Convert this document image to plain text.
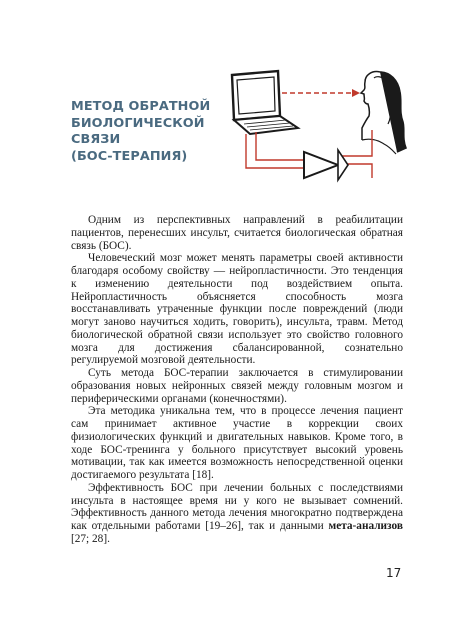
МЕТОД ОБРАТНОЙ
БИОЛОГИЧЕСКОЙ
СВЯЗИ
(БОС-ТЕРАПИЯ)

Одним из перспективных направлений в реабилитации пациентов, перенесших инсульт, считается биологическая обратная связь (БОС).

Человеческий мозг может менять параметры своей активности благодаря особому свойству — нейропластичности. Это тенденция к изменению деятельности под воздействием опыта. Нейропластичность объясняется способность мозга восстанавливать утраченные функции после повреждений (люди могут заново научиться ходить, говорить), инсульта, травм. Метод биологической обратной связи использует это свойство головного мозга для достижения сбалансированной, сознательно регулируемой мозговой деятельности.

Суть метода БОС-терапии заключается в стимулировании образования новых нейронных связей между головным мозгом и периферическими органами (конечностями).

Эта методика уникальна тем, что в процессе лечения пациент сам принимает активное участие в коррекции своих физиологических функций и двигательных навыков. Кроме того, в ходе БОС-тренинга у больного присутствует высокий уровень мотивации, так как имеется возможность непосредственной оценки достигаемого результата [18].

Эффективность БОС при лечении больных с последствиями инсульта в настоящее время ни у кого не вызывает сомнений. Эффективность данного метода лечения многократно подтверждена как отдельными работами [19–26], так и данными мета-анализов [27; 28].

17
